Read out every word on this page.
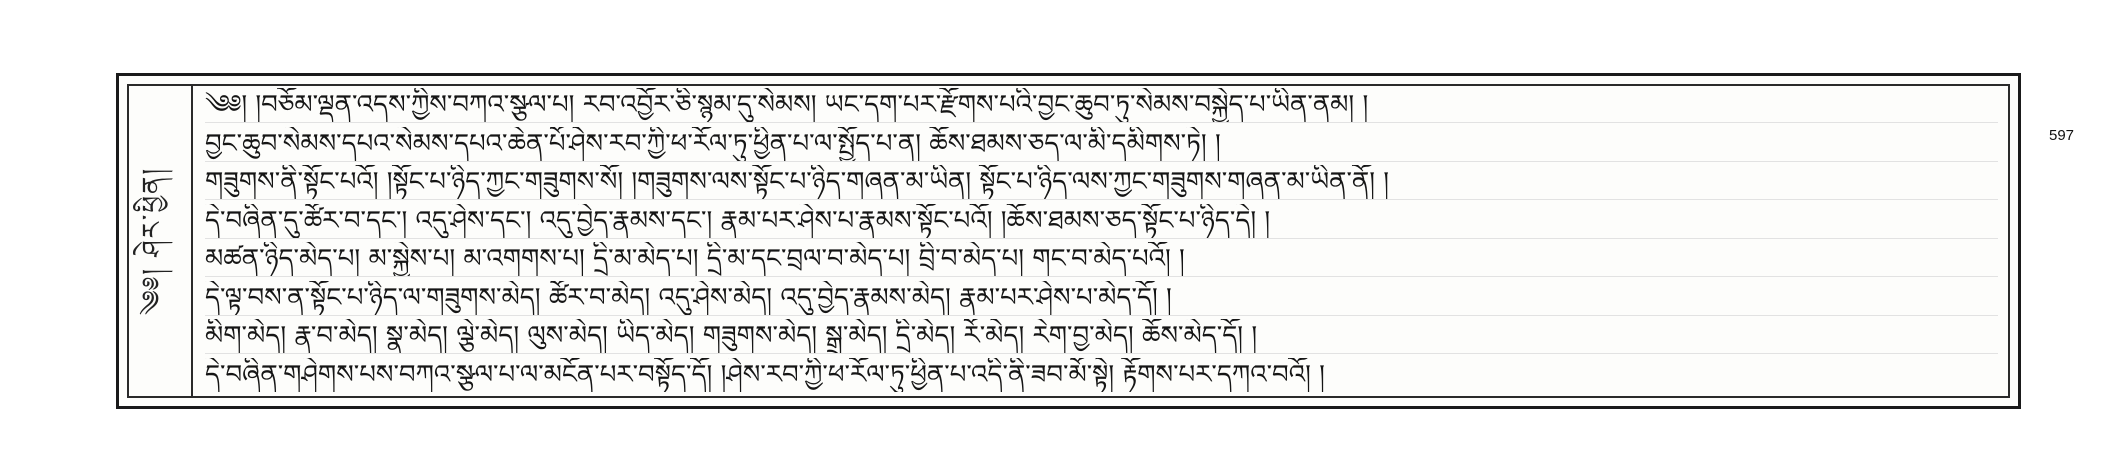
༄༅། ཤེར་ཕྱིན།
༄༅། །བཅོམ་ལྡན་འདས་ཀྱིས་བཀའ་སྩལ་པ། རབ་འབྱོར་ཅི་སྙམ་དུ་སེམས། ཡང་དག་པར་རྫོགས་པའི་བྱང་ཆུབ་ཏུ་སེམས་བསྐྱེད་པ་ཡིན་ནམ། །
བྱང་ཆུབ་སེམས་དཔའ་སེམས་དཔའ་ཆེན་པོ་ཤེས་རབ་ཀྱི་ཕ་རོལ་ཏུ་ཕྱིན་པ་ལ་སྤྱོད་པ་ན། ཆོས་ཐམས་ཅད་ལ་མི་དམིགས་ཏེ། །
གཟུགས་ནི་སྟོང་པའོ། །སྟོང་པ་ཉིད་ཀྱང་གཟུགས་སོ། །གཟུགས་ལས་སྟོང་པ་ཉིད་གཞན་མ་ཡིན། སྟོང་པ་ཉིད་ལས་ཀྱང་གཟུགས་གཞན་མ་ཡིན་ནོ། །
དེ་བཞིན་དུ་ཚོར་བ་དང་། འདུ་ཤེས་དང་། འདུ་བྱེད་རྣམས་དང་། རྣམ་པར་ཤེས་པ་རྣམས་སྟོང་པའོ། །ཆོས་ཐམས་ཅད་སྟོང་པ་ཉིད་དེ། །
མཚན་ཉིད་མེད་པ། མ་སྐྱེས་པ། མ་འགགས་པ། དྲི་མ་མེད་པ། དྲི་མ་དང་བྲལ་བ་མེད་པ། བྲི་བ་མེད་པ། གང་བ་མེད་པའོ། །
དེ་ལྟ་བས་ན་སྟོང་པ་ཉིད་ལ་གཟུགས་མེད། ཚོར་བ་མེད། འདུ་ཤེས་མེད། འདུ་བྱེད་རྣམས་མེད། རྣམ་པར་ཤེས་པ་མེད་དོ། །
མིག་མེད། རྣ་བ་མེད། སྣ་མེད། ལྕེ་མེད། ལུས་མེད། ཡིད་མེད། གཟུགས་མེད། སྒྲ་མེད། དྲི་མེད། རོ་མེད། རེག་བྱ་མེད། ཆོས་མེད་དོ། །
དེ་བཞིན་གཤེགས་པས་བཀའ་སྩལ་པ་ལ་མངོན་པར་བསྟོད་དོ། །ཤེས་རབ་ཀྱི་ཕ་རོལ་ཏུ་ཕྱིན་པ་འདི་ནི་ཟབ་མོ་སྟེ། རྟོགས་པར་དཀའ་བའོ། །
597
